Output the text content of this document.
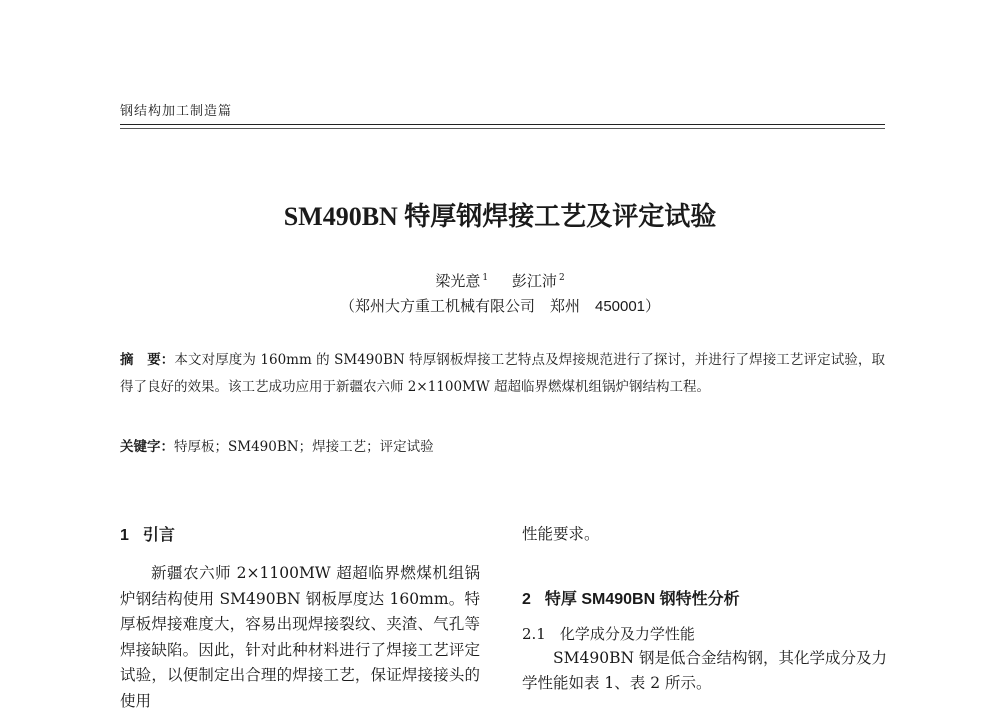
钢结构加工制造篇
SM490BN 特厚钢焊接工艺及评定试验
梁光意 $^1$ 彭江沛 $^2$
（郑州大方重工机械有限公司　郑州　450001）
摘　要：本文对厚度为 160mm 的 SM490BN 特厚钢板焊接工艺特点及焊接规范进行了探讨，并进行了焊接工艺评定试验，取得了良好的效果。该工艺成功应用于新疆农六师 2×1100MW 超超临界燃煤机组锅炉钢结构工程。
关键字：特厚板；SM490BN；焊接工艺；评定试验
1 引言

新疆农六师 2×1100MW 超超临界燃煤机组锅炉钢结构使用 SM490BN 钢板厚度达 160mm。特厚板焊接难度大，容易出现焊接裂纹、夹渣、气孔等焊接缺陷。因此，针对此种材料进行了焊接工艺评定试验，以便制定出合理的焊接工艺，保证焊接接头的使用

性能要求。

2 特厚 SM490BN 钢特性分析
2.1 化学成分及力学性能

SM490BN 钢是低合金结构钢，其化学成分及力学性能如表 1、表 2 所示。
